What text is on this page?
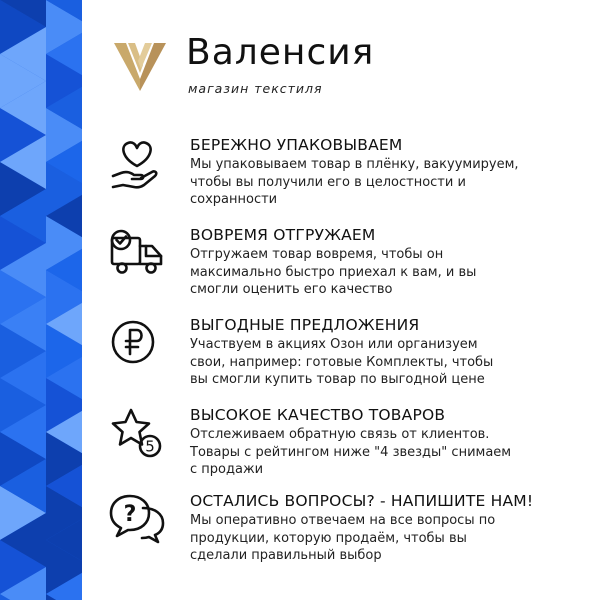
Валенсия
магазин текстиля
БЕРЕЖНО УПАКОВЫВАЕМ
Мы упаковываем товар в плёнку, вакуумируем,
чтобы вы получили его в целостности и
сохранности
ВОВРЕМЯ ОТГРУЖАЕМ
Отгружаем товар вовремя, чтобы он
максимально быстро приехал к вам, и вы
смогли оценить его качество
ВЫГОДНЫЕ ПРЕДЛОЖЕНИЯ
Участвуем в акциях Озон или организуем
свои, например: готовые Комплекты, чтобы
вы смогли купить товар по выгодной цене
5
ВЫСОКОЕ КАЧЕСТВО ТОВАРОВ
Отслеживаем обратную связь от клиентов.
Товары с рейтингом ниже "4 звезды" снимаем
с продажи
?
ОСТАЛИСЬ ВОПРОСЫ? - НАПИШИТЕ НАМ!
Мы оперативно отвечаем на все вопросы по
продукции, которую продаём, чтобы вы
сделали правильный выбор
